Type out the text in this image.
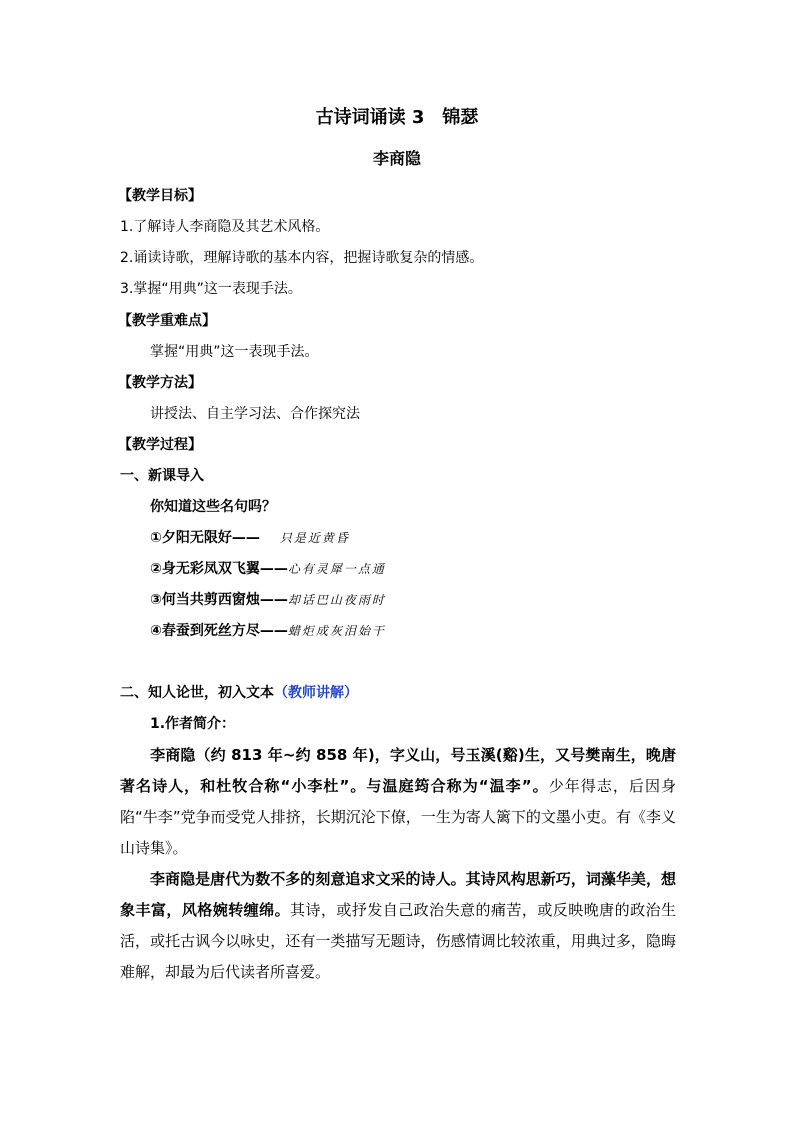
古诗词诵读 3　锦瑟
李商隐
【教学目标】
1.了解诗人李商隐及其艺术风格。
2.诵读诗歌，理解诗歌的基本内容，把握诗歌复杂的情感。
3.掌握“用典”这一表现手法。
【教学重难点】
掌握“用典”这一表现手法。
【教学方法】
讲授法、自主学习法、合作探究法
【教学过程】
一、新课导入
你知道这些名句吗？
①夕阳无限好—— 只是近黄昏
②身无彩凤双飞翼——心有灵犀一点通
③何当共剪西窗烛——却话巴山夜雨时
④春蚕到死丝方尽——蜡炬成灰泪始干
二、知人论世，初入文本（教师讲解）
1.作者简介：
李商隐（约 813 年~约 858 年)，字义山，号玉溪(谿)生，又号樊南生，晚唐著名诗人，和杜牧合称“小李杜”。与温庭筠合称为“温李”。少年得志，后因身陷“牛李”党争而受党人排挤，长期沉沦下僚，一生为寄人篱下的文墨小吏。有《李义山诗集》。
李商隐是唐代为数不多的刻意追求文采的诗人。其诗风构思新巧，词藻华美，想象丰富，风格婉转缠绵。其诗，或抒发自己政治失意的痛苦，或反映晚唐的政治生活，或托古讽今以咏史，还有一类描写无题诗，伤感情调比较浓重，用典过多，隐晦难解，却最为后代读者所喜爱。
